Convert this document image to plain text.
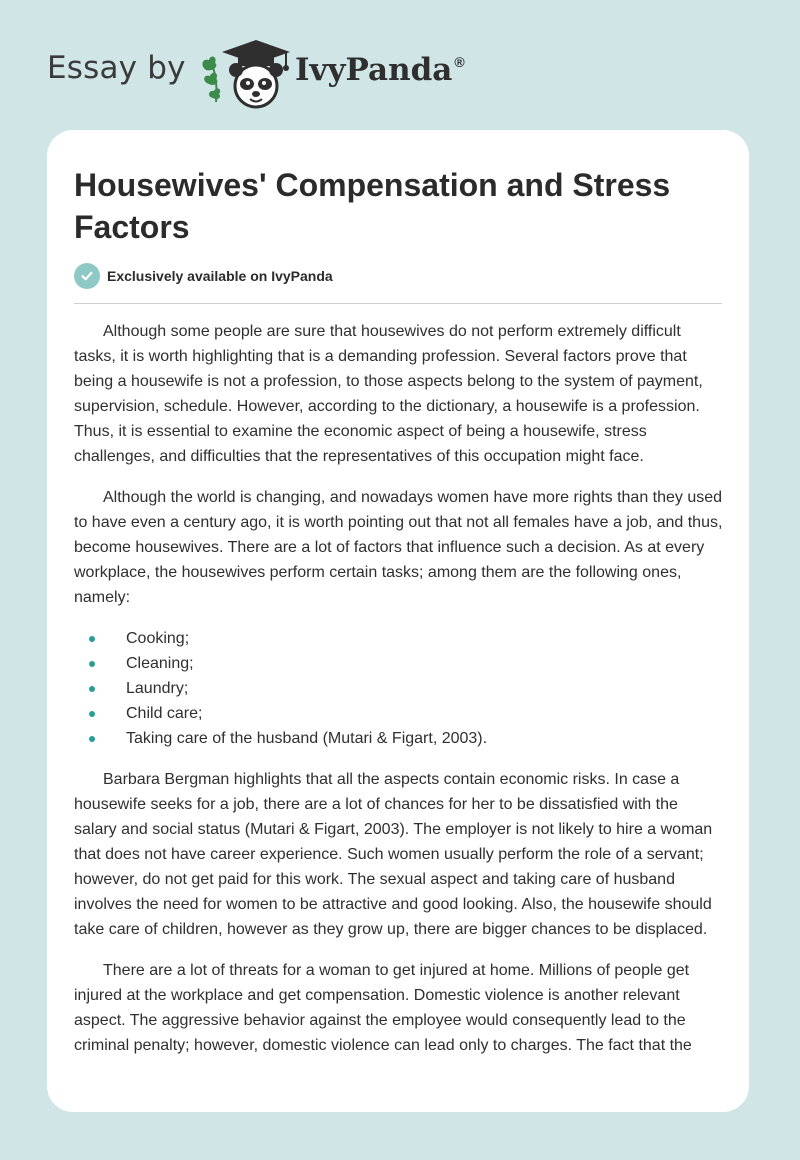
Essay by	IvyPanda ®
Housewives' Compensation and Stress Factors
Exclusively available on IvyPanda

Although some people are sure that housewives do not perform extremely difficult tasks, it is worth highlighting that is a demanding profession. Several factors prove that being a housewife is not a profession, to those aspects belong to the system of payment, supervision, schedule. However, according to the dictionary, a housewife is a profession. Thus, it is essential to examine the economic aspect of being a housewife, stress challenges, and difficulties that the representatives of this occupation might face.

Although the world is changing, and nowadays women have more rights than they used to have even a century ago, it is worth pointing out that not all females have a job, and thus, become housewives. There are a lot of factors that influence such a decision. As at every workplace, the housewives perform certain tasks; among them are the following ones, namely:

Cooking;
Cleaning;
Laundry;
Child care;
Taking care of the husband (Mutari & Figart, 2003).

Barbara Bergman highlights that all the aspects contain economic risks. In case a housewife seeks for a job, there are a lot of chances for her to be dissatisfied with the salary and social status (Mutari & Figart, 2003). The employer is not likely to hire a woman that does not have career experience. Such women usually perform the role of a servant; however, do not get paid for this work. The sexual aspect and taking care of husband involves the need for women to be attractive and good looking. Also, the housewife should take care of children, however as they grow up, there are bigger chances to be displaced.

There are a lot of threats for a woman to get injured at home. Millions of people get injured at the workplace and get compensation. Domestic violence is another relevant aspect. The aggressive behavior against the employee would consequently lead to the criminal penalty; however, domestic violence can lead only to charges. The fact that the
